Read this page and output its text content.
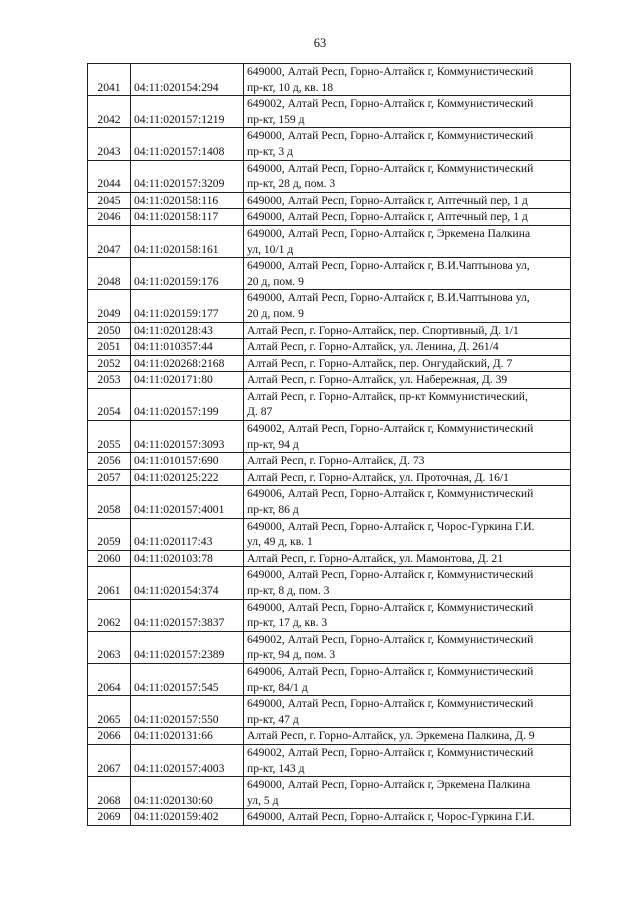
63
2041	04:11:020154:294	649000, Алтай Респ, Горно-Алтайск г, Коммунистический
пр-кт, 10 д, кв. 18

2042	04:11:020157:1219	649002, Алтай Респ, Горно-Алтайск г, Коммунистический
пр-кт, 159 д

2043	04:11:020157:1408	649000, Алтай Респ, Горно-Алтайск г, Коммунистический
пр-кт, 3 д

2044	04:11:020157:3209	649000, Алтай Респ, Горно-Алтайск г, Коммунистический
пр-кт, 28 д, пом. 3

2045	04:11:020158:116	649000, Алтай Респ, Горно-Алтайск г, Аптечный пер, 1 д

2046	04:11:020158:117	649000, Алтай Респ, Горно-Алтайск г, Аптечный пер, 1 д

2047	04:11:020158:161	649000, Алтай Респ, Горно-Алтайск г, Эркемена Палкина
ул, 10/1 д

2048	04:11:020159:176	649000, Алтай Респ, Горно-Алтайск г, В.И.Чаптынова ул,
20 д, пом. 9

2049	04:11:020159:177	649000, Алтай Респ, Горно-Алтайск г, В.И.Чаптынова ул,
20 д, пом. 9

2050	04:11:020128:43	Алтай Респ, г. Горно-Алтайск, пер. Спортивный, Д. 1/1

2051	04:11:010357:44	Алтай Респ, г. Горно-Алтайск, ул. Ленина, Д. 261/4

2052	04:11:020268:2168	Алтай Респ, г. Горно-Алтайск, пер. Онгудайский, Д. 7

2053	04:11:020171:80	Алтай Респ, г. Горно-Алтайск, ул. Набережная, Д. 39

2054	04:11:020157:199	Алтай Респ, г. Горно-Алтайск, пр-кт Коммунистический,
Д. 87

2055	04:11:020157:3093	649002, Алтай Респ, Горно-Алтайск г, Коммунистический
пр-кт, 94 д

2056	04:11:010157:690	Алтай Респ, г. Горно-Алтайск, Д. 73

2057	04:11:020125:222	Алтай Респ, г. Горно-Алтайск, ул. Проточная, Д. 16/1

2058	04:11:020157:4001	649006, Алтай Респ, Горно-Алтайск г, Коммунистический
пр-кт, 86 д

2059	04:11:020117:43	649000, Алтай Респ, Горно-Алтайск г, Чорос-Гуркина Г.И.
ул, 49 д, кв. 1

2060	04:11:020103:78	Алтай Респ, г. Горно-Алтайск, ул. Мамонтова, Д. 21

2061	04:11:020154:374	649000, Алтай Респ, Горно-Алтайск г, Коммунистический
пр-кт, 8 д, пом. 3

2062	04:11:020157:3837	649000, Алтай Респ, Горно-Алтайск г, Коммунистический
пр-кт, 17 д, кв. 3

2063	04:11:020157:2389	649002, Алтай Респ, Горно-Алтайск г, Коммунистический
пр-кт, 94 д, пом. 3

2064	04:11:020157:545	649006, Алтай Респ, Горно-Алтайск г, Коммунистический
пр-кт, 84/1 д

2065	04:11:020157:550	649000, Алтай Респ, Горно-Алтайск г, Коммунистический
пр-кт, 47 д

2066	04:11:020131:66	Алтай Респ, г. Горно-Алтайск, ул. Эркемена Палкина, Д. 9

2067	04:11:020157:4003	649002, Алтай Респ, Горно-Алтайск г, Коммунистический
пр-кт, 143 д

2068	04:11:020130:60	649000, Алтай Респ, Горно-Алтайск г, Эркемена Палкина
ул, 5 д

2069	04:11:020159:402	649000, Алтай Респ, Горно-Алтайск г, Чорос-Гуркина Г.И.
